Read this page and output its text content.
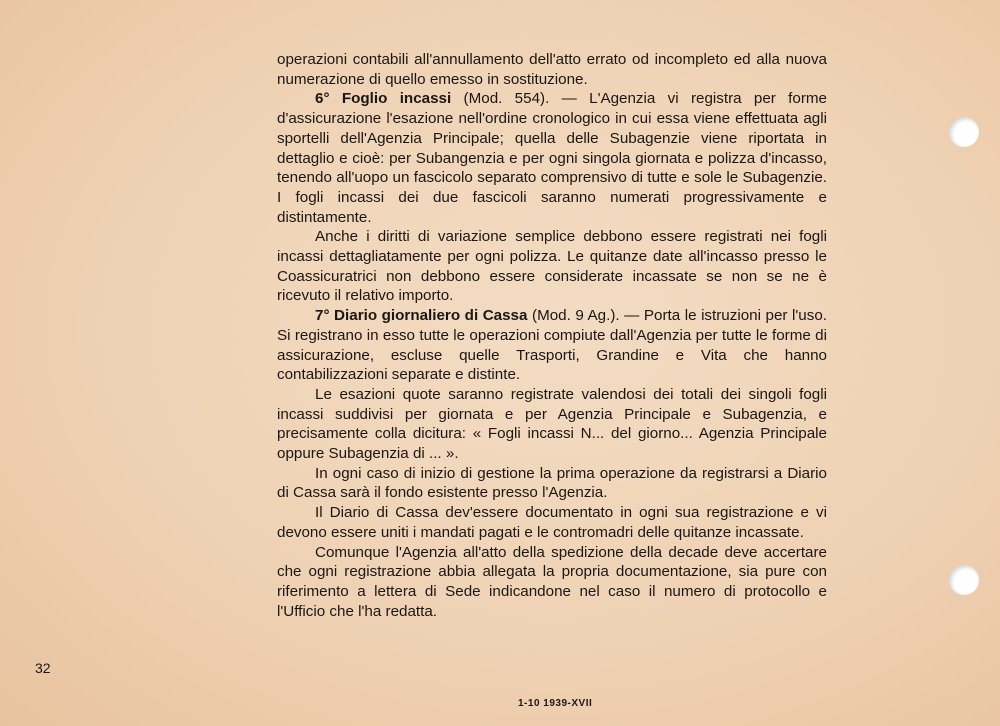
operazioni contabili all'annullamento dell'atto errato od incompleto ed alla nuova numerazione di quello emesso in sostituzione.

6° Foglio incassi (Mod. 554). — L'Agenzia vi registra per forme d'assicurazione l'esazione nell'ordine cronologico in cui essa viene effettuata agli sportelli dell'Agenzia Principale; quella delle Subagenzie viene riportata in dettaglio e cioè: per Subangenzia e per ogni singola giornata e polizza d'incasso, tenendo all'uopo un fascicolo separato comprensivo di tutte e sole le Subagenzie. I fogli incassi dei due fascicoli saranno numerati progressivamente e distintamente.

Anche i diritti di variazione semplice debbono essere registrati nei fogli incassi dettagliatamente per ogni polizza. Le quitanze date all'incasso presso le Coassicuratrici non debbono essere considerate incassate se non se ne è ricevuto il relativo importo.

7° Diario giornaliero di Cassa (Mod. 9 Ag.). — Porta le istruzioni per l'uso. Si registrano in esso tutte le operazioni compiute dall'Agenzia per tutte le forme di assicurazione, escluse quelle Trasporti, Grandine e Vita che hanno contabilizzazioni separate e distinte.

Le esazioni quote saranno registrate valendosi dei totali dei singoli fogli incassi suddivisi per giornata e per Agenzia Principale e Subagenzia, e precisamente colla dicitura: « Fogli incassi N... del giorno... Agenzia Principale oppure Subagenzia di ... ».

In ogni caso di inizio di gestione la prima operazione da registrarsi a Diario di Cassa sarà il fondo esistente presso l'Agenzia.

Il Diario di Cassa dev'essere documentato in ogni sua registrazione e vi devono essere uniti i mandati pagati e le contromadri delle quitanze incassate.

Comunque l'Agenzia all'atto della spedizione della decade deve accertare che ogni registrazione abbia allegata la propria documentazione, sia pure con riferimento a lettera di Sede indicandone nel caso il numero di protocollo e l'Ufficio che l'ha redatta.

32
1-10 1939-XVII
